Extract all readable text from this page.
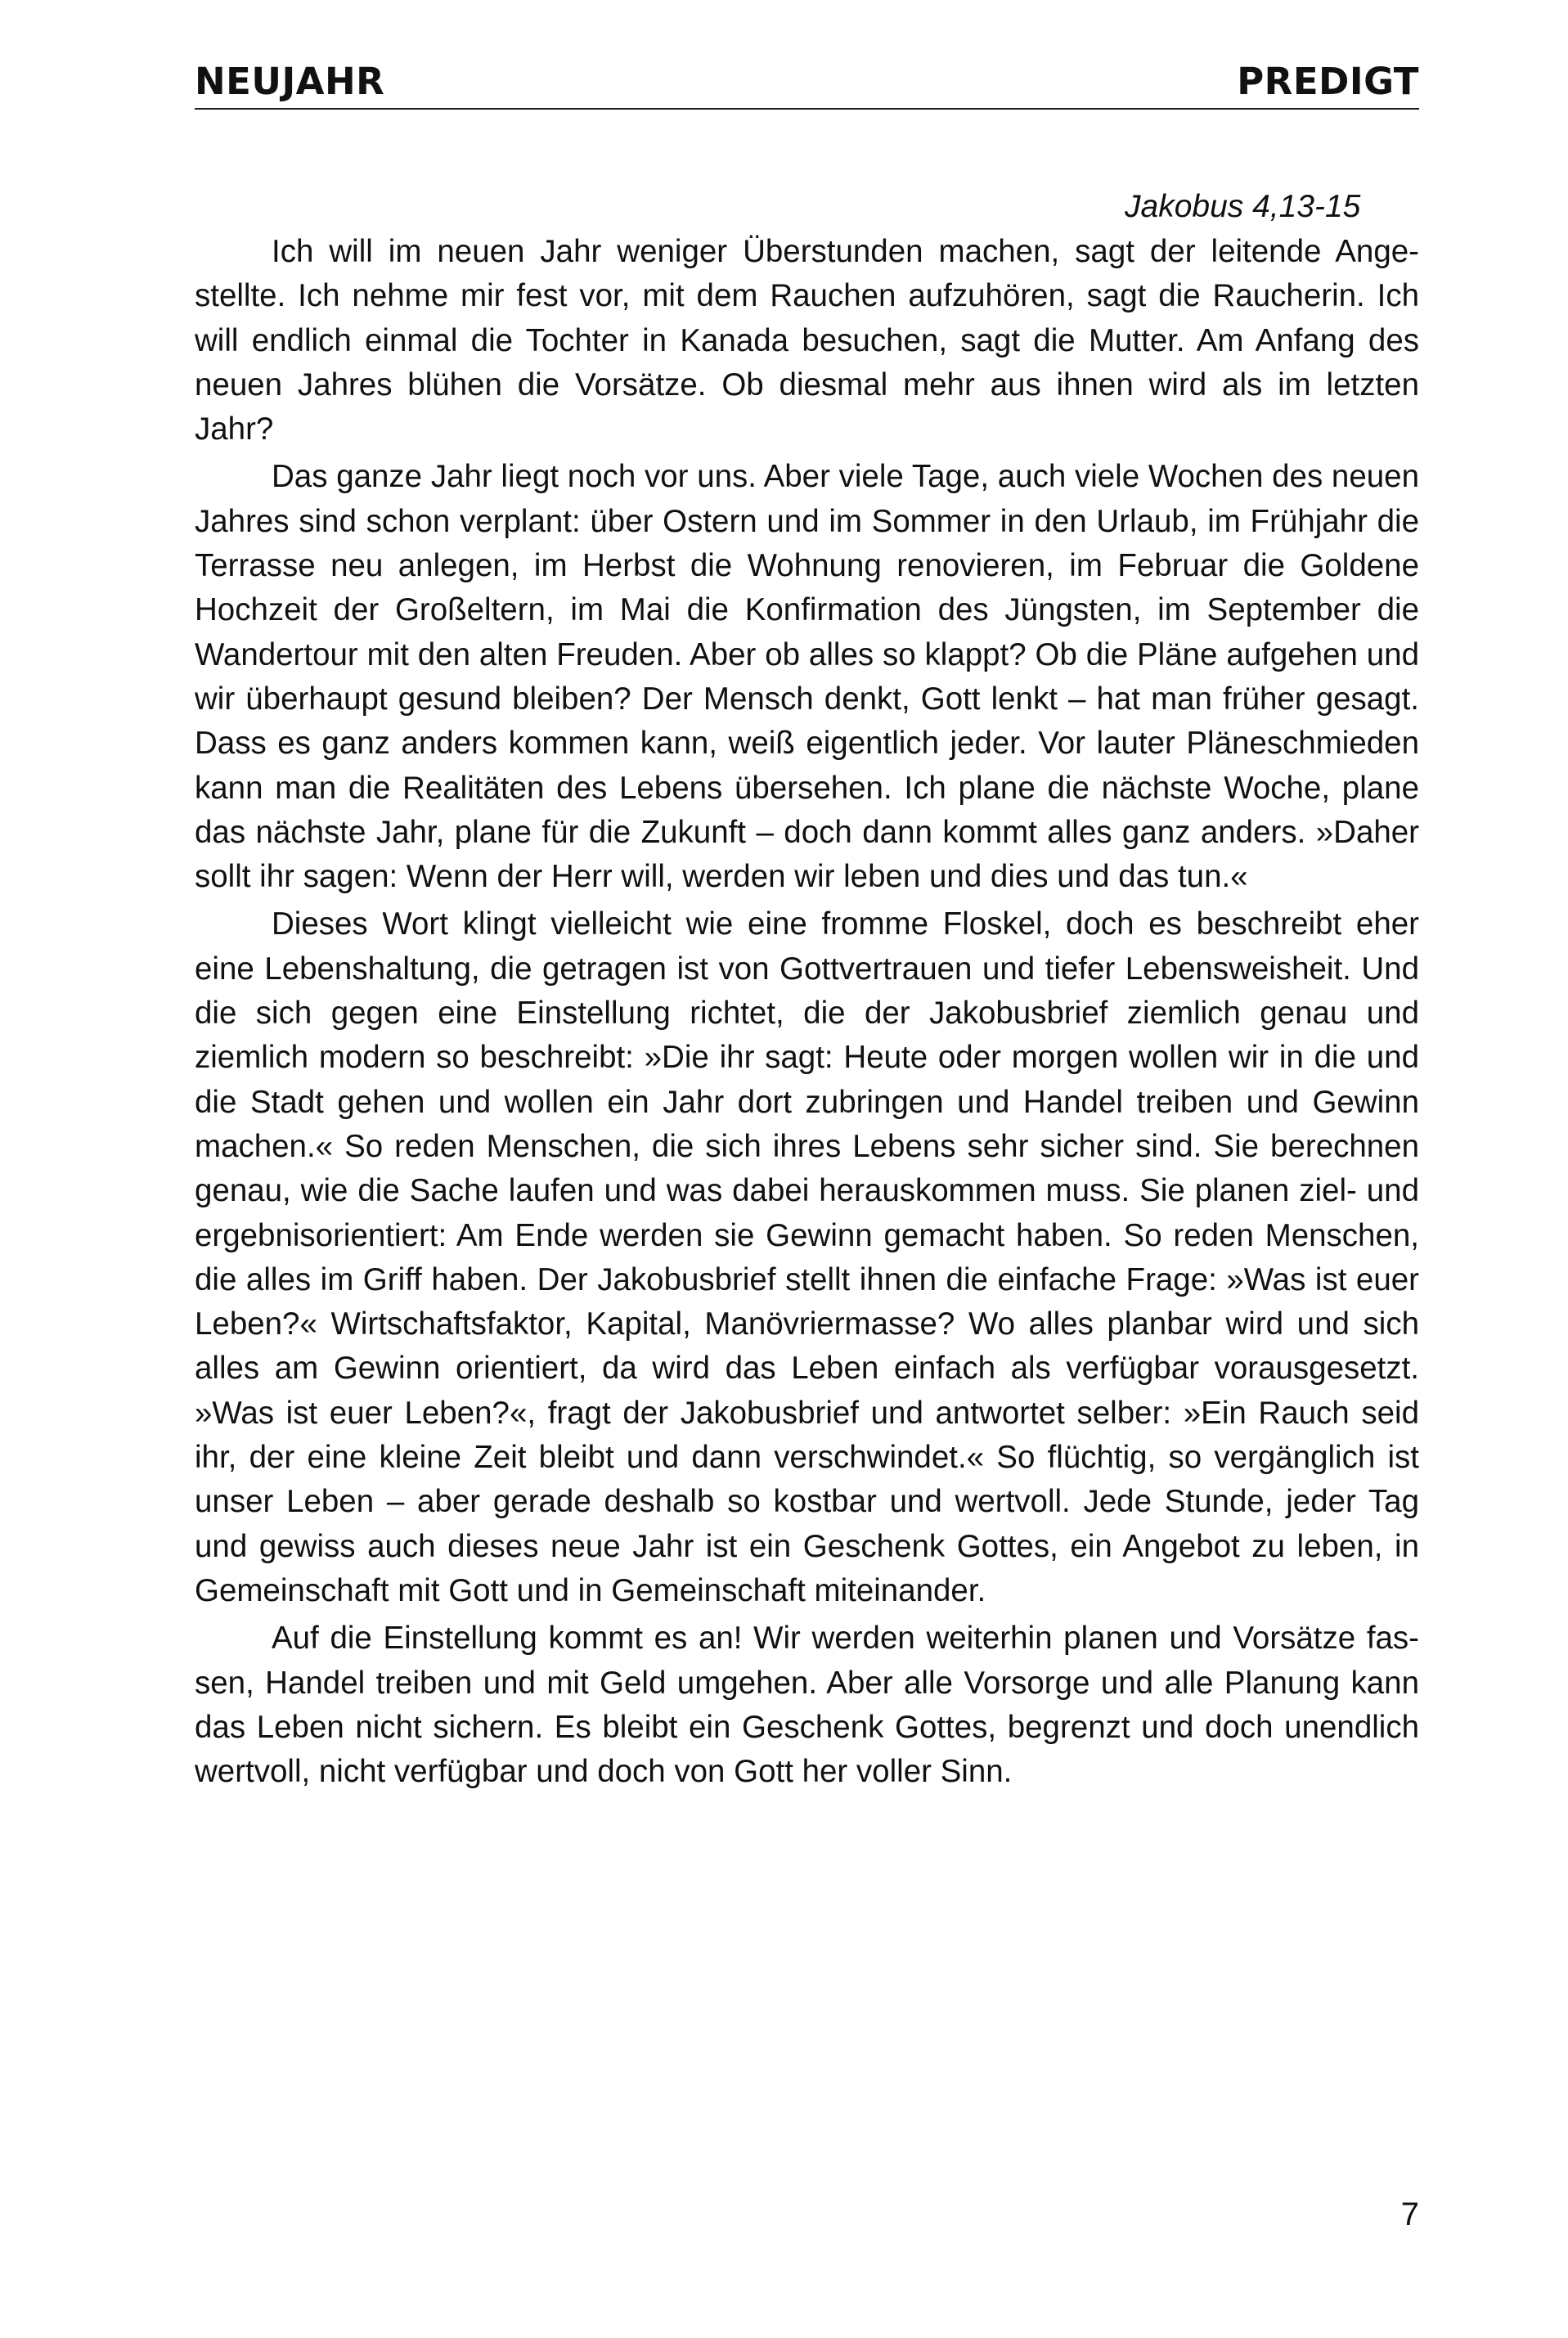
NEUJAHR	PREDIGT
Jakobus 4,13-15

Ich will im neuen Jahr weniger Überstunden machen, sagt der leitende Angestellte. Ich nehme mir fest vor, mit dem Rauchen aufzuhören, sagt die Raucherin. Ich will endlich einmal die Tochter in Kanada besuchen, sagt die Mutter. Am Anfang des neuen Jahres blühen die Vorsätze. Ob diesmal mehr aus ihnen wird als im letzten Jahr?

Das ganze Jahr liegt noch vor uns. Aber viele Tage, auch viele Wochen des neuen Jahres sind schon verplant: über Ostern und im Sommer in den Urlaub, im Frühjahr die Terrasse neu anlegen, im Herbst die Wohnung renovieren, im Februar die Goldene Hochzeit der Großeltern, im Mai die Konfirmation des Jüngsten, im September die Wandertour mit den alten Freuden. Aber ob alles so klappt? Ob die Pläne aufgehen und wir überhaupt gesund bleiben? Der Mensch denkt, Gott lenkt – hat man früher gesagt. Dass es ganz anders kommen kann, weiß eigentlich jeder. Vor lauter Pläneschmieden kann man die Realitäten des Lebens übersehen. Ich plane die nächste Woche, plane das nächste Jahr, plane für die Zukunft – doch dann kommt alles ganz anders. »Daher sollt ihr sagen: Wenn der Herr will, werden wir leben und dies und das tun.«

Dieses Wort klingt vielleicht wie eine fromme Floskel, doch es beschreibt eher eine Lebenshaltung, die getragen ist von Gottvertrauen und tiefer Lebensweisheit. Und die sich gegen eine Einstellung richtet, die der Jakobusbrief ziemlich genau und ziemlich modern so beschreibt: »Die ihr sagt: Heute oder morgen wollen wir in die und die Stadt gehen und wollen ein Jahr dort zubringen und Handel treiben und Gewinn machen.« So reden Menschen, die sich ihres Lebens sehr sicher sind. Sie berechnen genau, wie die Sache laufen und was dabei herauskommen muss. Sie planen ziel- und ergebnisorientiert: Am Ende werden sie Gewinn gemacht haben. So reden Menschen, die alles im Griff haben. Der Jakobusbrief stellt ihnen die einfache Frage: »Was ist euer Leben?« Wirtschaftsfaktor, Kapital, Manövriermasse? Wo alles planbar wird und sich alles am Gewinn orientiert, da wird das Leben einfach als verfügbar vorausgesetzt. »Was ist euer Leben?«, fragt der Jakobusbrief und antwortet selber: »Ein Rauch seid ihr, der eine kleine Zeit bleibt und dann verschwindet.« So flüchtig, so vergänglich ist unser Leben – aber gerade deshalb so kostbar und wertvoll. Jede Stunde, jeder Tag und gewiss auch dieses neue Jahr ist ein Geschenk Gottes, ein Angebot zu leben, in Gemeinschaft mit Gott und in Gemeinschaft miteinander.

Auf die Einstellung kommt es an! Wir werden weiterhin planen und Vorsätze fassen, Handel treiben und mit Geld umgehen. Aber alle Vorsorge und alle Planung kann das Leben nicht sichern. Es bleibt ein Geschenk Gottes, begrenzt und doch unendlich wertvoll, nicht verfügbar und doch von Gott her voller Sinn.

7
